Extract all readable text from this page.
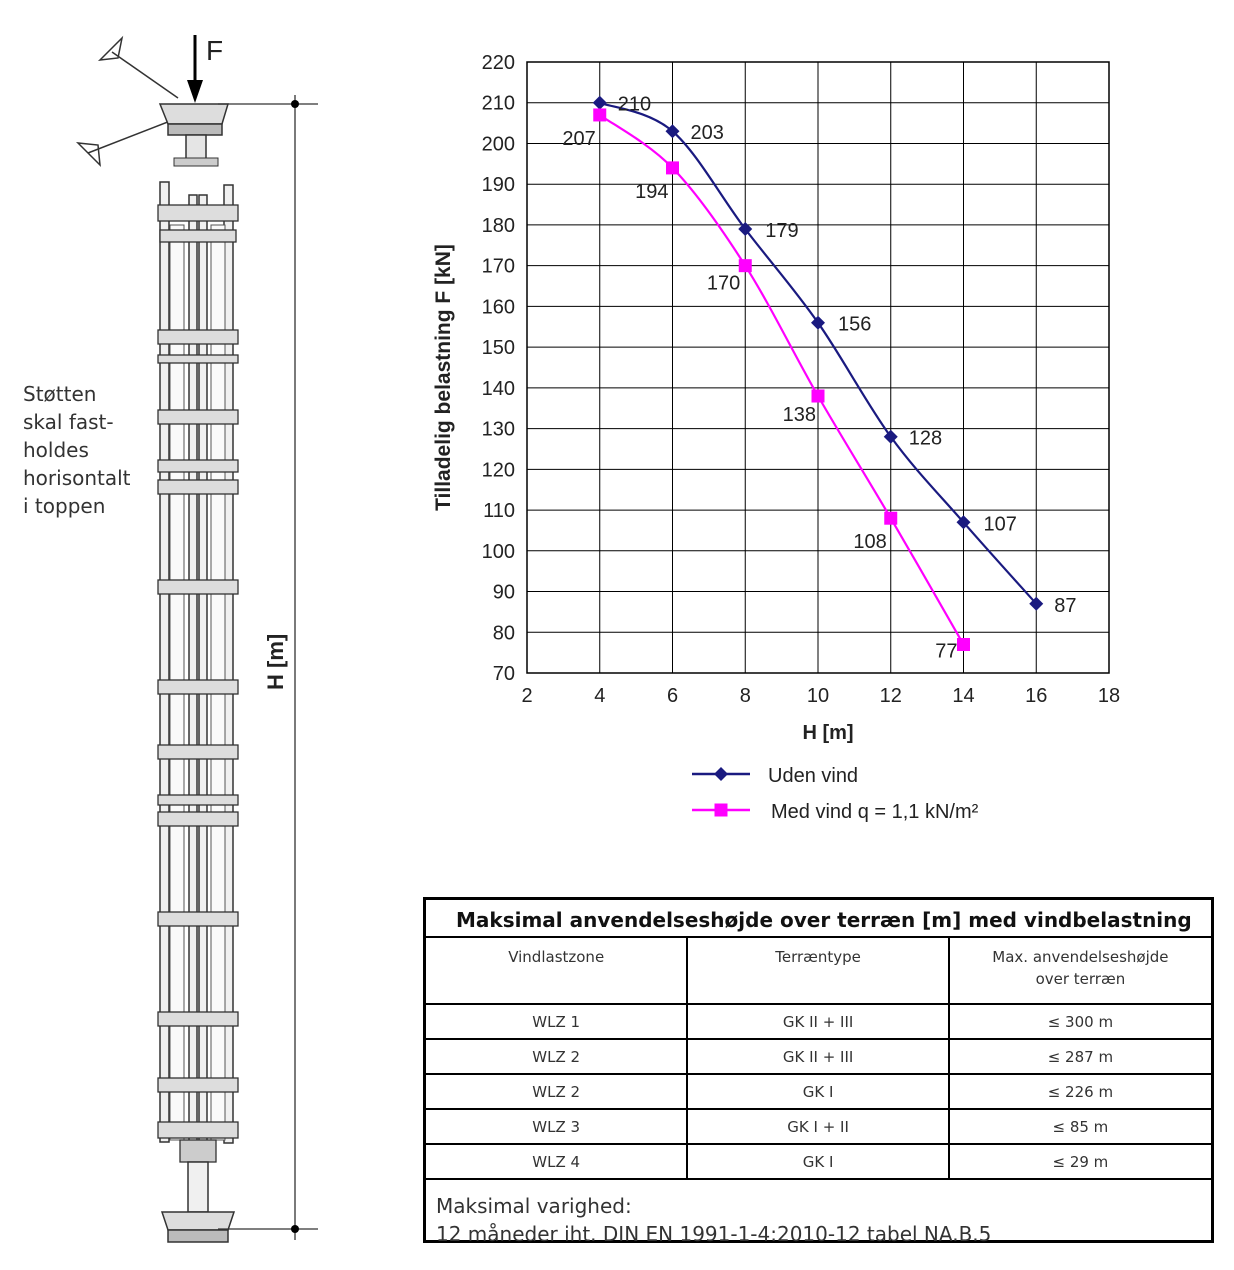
F
H [m]
Støtten
skal fast-
holdes
horisontalt
i toppen
2	4	6	8	10	12	14	16	18
70
80
90
100
110
120
130
140
150
160
170
180
190
200
210
220
H [m]
Tilladelig belastning F [kN]
210
203
179
156
128
107
87
207
194
170
138
108
77
Uden vind
Med vind q = 1,1 kN/m²
Maksimal anvendelseshøjde over terræn [m] med vindbelastning
Vindlastzone	Terræntype	Max. anvendelseshøjde
over terræn

WLZ 1	GK II + III	≤ 300 m
WLZ 2	GK II + III	≤ 287 m
WLZ 2	GK I	≤ 226 m
WLZ 3	GK I + II	≤ 85 m
WLZ 4	GK I	≤ 29 m
Maksimal varighed:
12 måneder iht. DIN EN 1991-1-4:2010-12 tabel NA.B.5
